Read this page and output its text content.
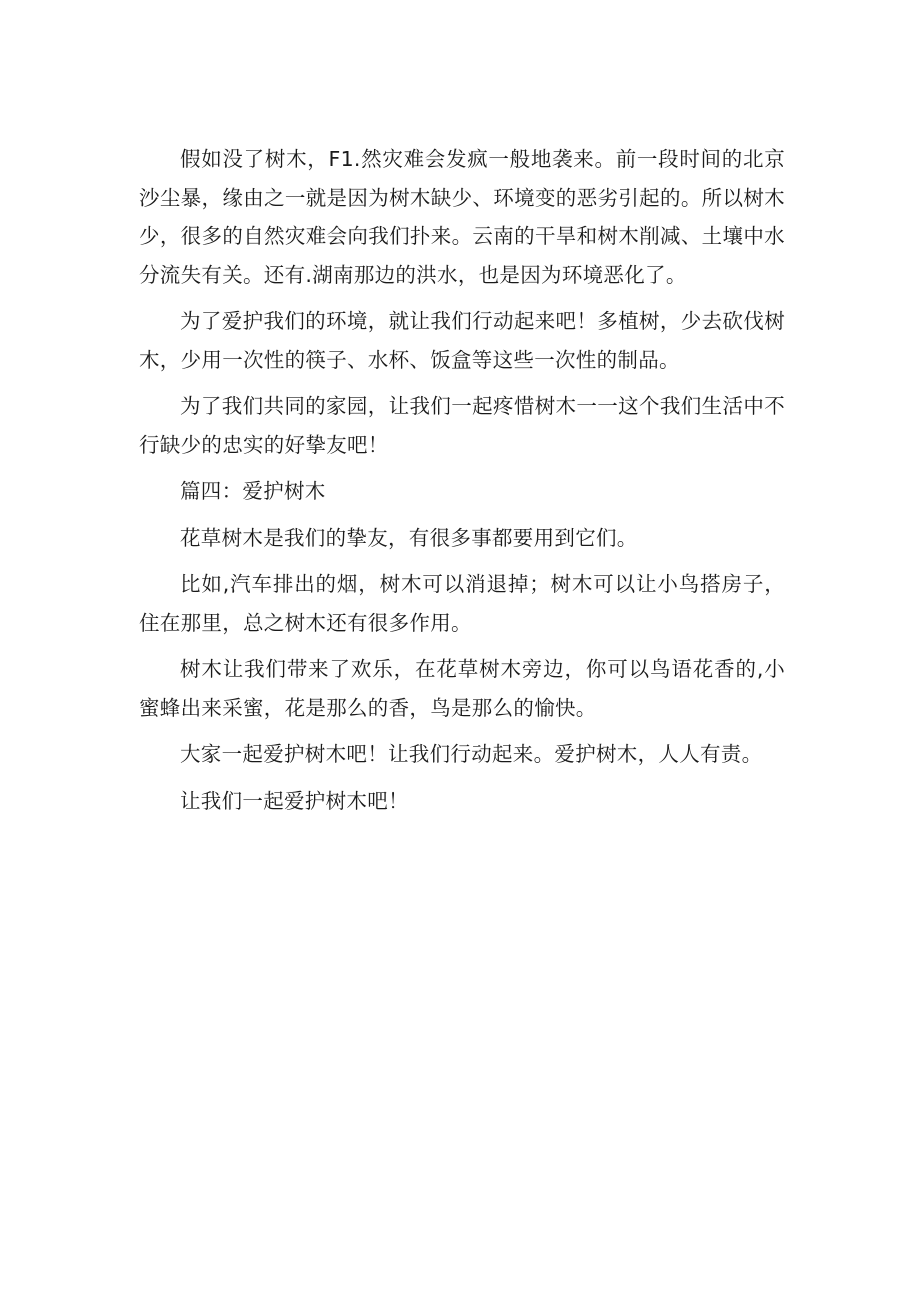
假如没了树木，F1.然灾难会发疯一般地袭来。前一段时间的北京沙尘暴，缘由之一就是因为树木缺少、环境变的恶劣引起的。所以树木少，很多的自然灾难会向我们扑来。云南的干旱和树木削减、土壤中水分流失有关。还有.湖南那边的洪水，也是因为环境恶化了。

为了爱护我们的环境，就让我们行动起来吧！多植树，少去砍伐树木，少用一次性的筷子、水杯、饭盒等这些一次性的制品。

为了我们共同的家园，让我们一起疼惜树木一一这个我们生活中不行缺少的忠实的好挚友吧！

篇四：爱护树木

花草树木是我们的挚友，有很多事都要用到它们。

比如,汽车排出的烟，树木可以消退掉；树木可以让小鸟搭房子，住在那里，总之树木还有很多作用。

树木让我们带来了欢乐，在花草树木旁边，你可以鸟语花香的,小蜜蜂出来采蜜，花是那么的香，鸟是那么的愉快。

大家一起爱护树木吧！让我们行动起来。爱护树木，人人有责。

让我们一起爱护树木吧！
